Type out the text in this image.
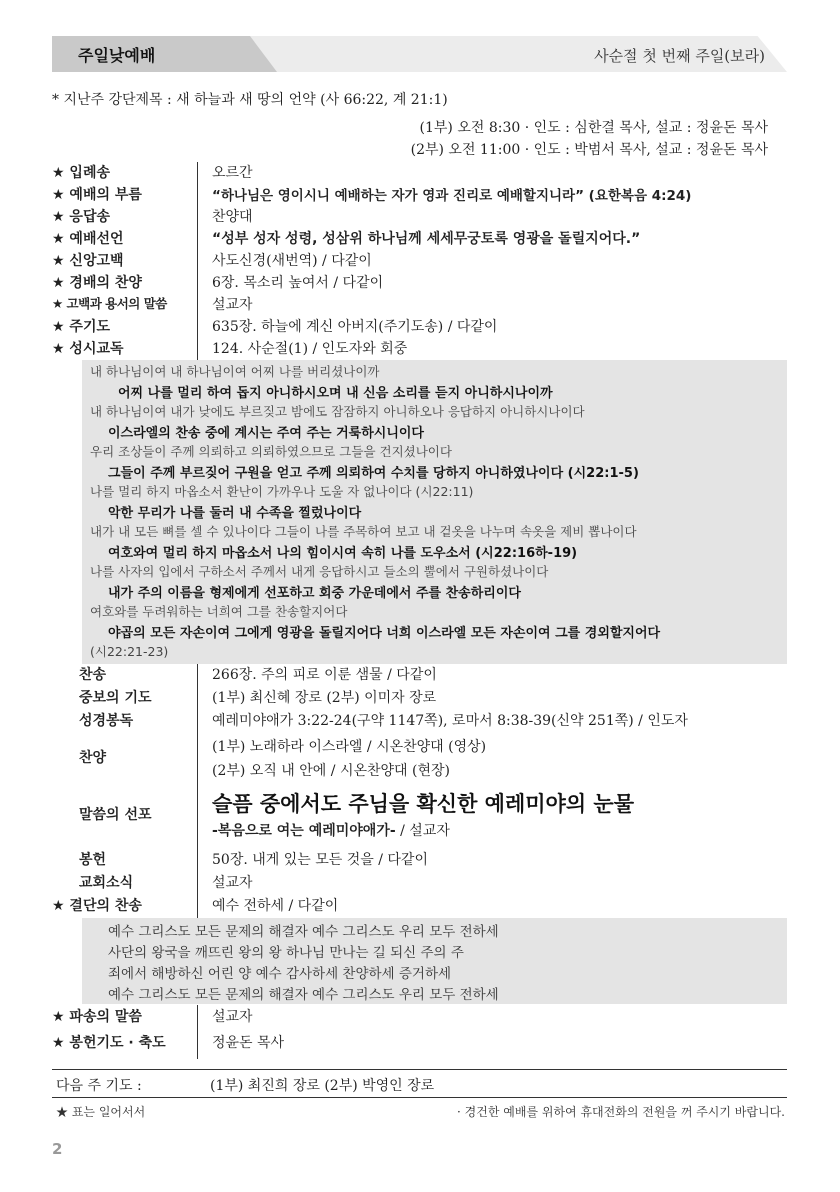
주일낮예배	사순절 첫 번째 주일(보라)
* 지난주 강단제목 : 새 하늘과 새 땅의 언약 (사 66:22, 계 21:1)
(1부) 오전 8:30 · 인도 : 심한결 목사, 설교 : 정윤돈 목사
(2부) 오전 11:00 · 인도 : 박범서 목사, 설교 : 정윤돈 목사
★ 입례송	오르간
★ 예배의 부름	“하나님은 영이시니 예배하는 자가 영과 진리로 예배할지니라” (요한복음 4:24)
★ 응답송	찬양대
★ 예배선언	“성부 성자 성령, 성삼위 하나님께 세세무궁토록 영광을 돌릴지어다.”
★ 신앙고백	사도신경(새번역) / 다같이
★ 경배의 찬양	6장. 목소리 높여서 / 다같이
★ 고백과 용서의 말씀	설교자
★ 주기도	635장. 하늘에 계신 아버지(주기도송) / 다같이
★ 성시교독	124. 사순절(1) / 인도자와 회중
내 하나님이여 내 하나님이여 어찌 나를 버리셨나이까
어찌 나를 멀리 하여 돕지 아니하시오며 내 신음 소리를 듣지 아니하시나이까
내 하나님이여 내가 낮에도 부르짖고 밤에도 잠잠하지 아니하오나 응답하지 아니하시나이다
이스라엘의 찬송 중에 계시는 주여 주는 거룩하시니이다
우리 조상들이 주께 의뢰하고 의뢰하였으므로 그들을 건지셨나이다
그들이 주께 부르짖어 구원을 얻고 주께 의뢰하여 수치를 당하지 아니하였나이다 (시22:1-5)
나를 멀리 하지 마옵소서 환난이 가까우나 도울 자 없나이다 (시22:11)
악한 무리가 나를 둘러 내 수족을 찔렀나이다
내가 내 모든 뼈를 셀 수 있나이다 그들이 나를 주목하여 보고 내 겉옷을 나누며 속옷을 제비 뽑나이다
여호와여 멀리 하지 마옵소서 나의 힘이시여 속히 나를 도우소서 (시22:16하-19)
나를 사자의 입에서 구하소서 주께서 내게 응답하시고 들소의 뿔에서 구원하셨나이다
내가 주의 이름을 형제에게 선포하고 회중 가운데에서 주를 찬송하리이다
여호와를 두려워하는 너희여 그를 찬송할지어다
야곱의 모든 자손이여 그에게 영광을 돌릴지어다 너희 이스라엘 모든 자손이여 그를 경외할지어다
(시22:21-23)
찬송	266장. 주의 피로 이룬 샘물 / 다같이
중보의 기도	(1부) 최신혜 장로 (2부) 이미자 장로
성경봉독	예레미야애가 3:22-24(구약 1147쪽), 로마서 8:38-39(신약 251쪽) / 인도자
찬양
(1부) 노래하라 이스라엘 / 시온찬양대 (영상)
(2부) 오직 내 안에 / 시온찬양대 (현장)
말씀의 선포	슬픔 중에서도 주님을 확신한 예레미야의 눈물
-복음으로 여는 예레미야애가- / 설교자
봉헌	50장. 내게 있는 모든 것을 / 다같이
교회소식	설교자
★ 결단의 찬송	예수 전하세 / 다같이
예수 그리스도 모든 문제의 해결자 예수 그리스도 우리 모두 전하세
사단의 왕국을 깨뜨린 왕의 왕 하나님 만나는 길 되신 주의 주
죄에서 해방하신 어린 양 예수 감사하세 찬양하세 증거하세
예수 그리스도 모든 문제의 해결자 예수 그리스도 우리 모두 전하세
★ 파송의 말씀	설교자
★ 봉헌기도 · 축도	정윤돈 목사
다음 주 기도 :	(1부) 최진희 장로 (2부) 박영인 장로
★ 표는 일어서서	· 경건한 예배를 위하여 휴대전화의 전원을 꺼 주시기 바랍니다.
2
